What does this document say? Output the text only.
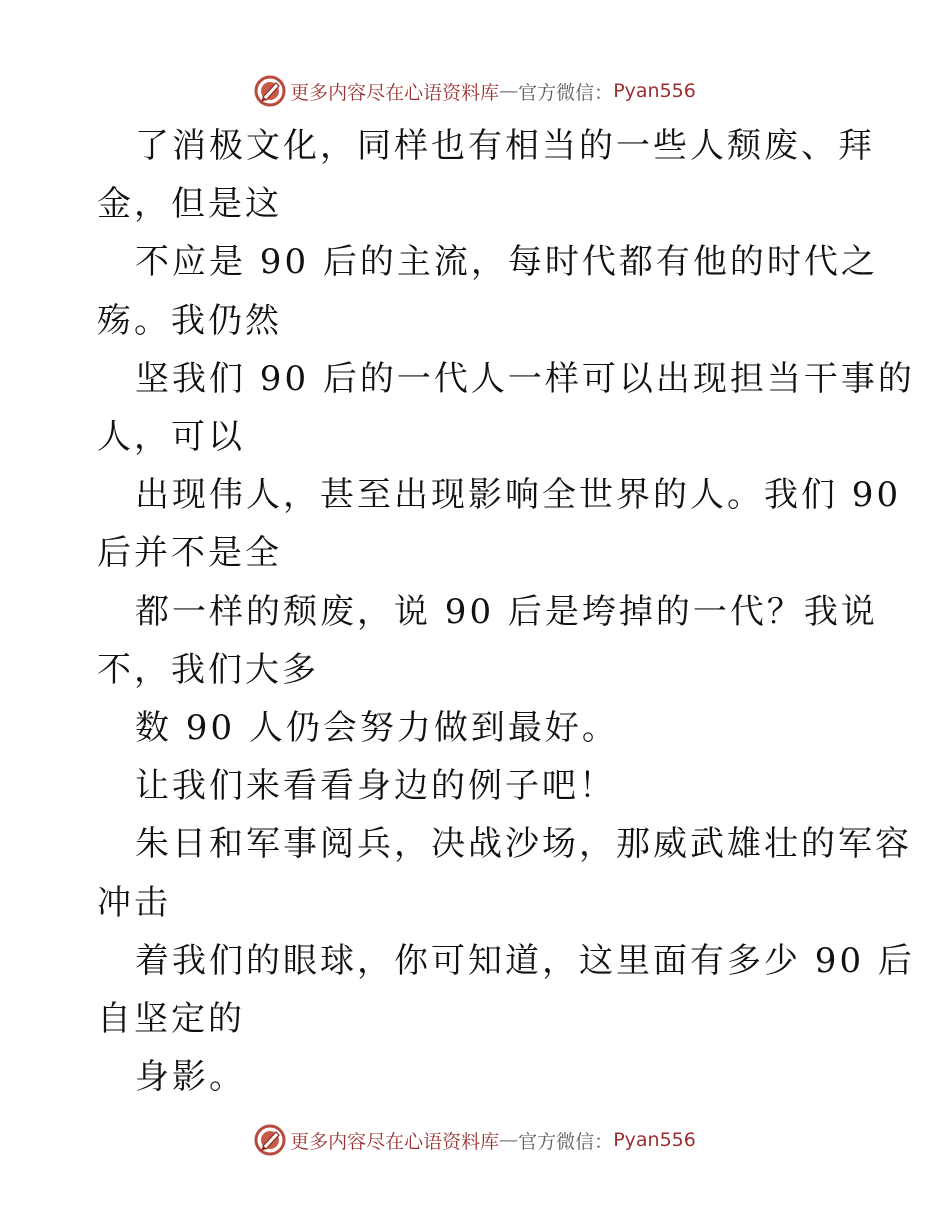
更多内容尽在心语资料库 — 官方微信： Pyan556

了消极文化，同样也有相当的一些人颓废、拜
金，但是这

不应是 90 后的主流，每时代都有他的时代之
殇。我仍然

坚我们 90 后的一代人一样可以出现担当干事的
人，可以

出现伟人，甚至出现影响全世界的人。我们 90
后并不是全

都一样的颓废，说 90 后是垮掉的一代？我说
不，我们大多

数 90 人仍会努力做到最好。

让我们来看看身边的例子吧！

朱日和军事阅兵，决战沙场，那威武雄壮的军容
冲击

着我们的眼球，你可知道，这里面有多少 90 后
自坚定的

身影。

更多内容尽在心语资料库 — 官方微信： Pyan556
